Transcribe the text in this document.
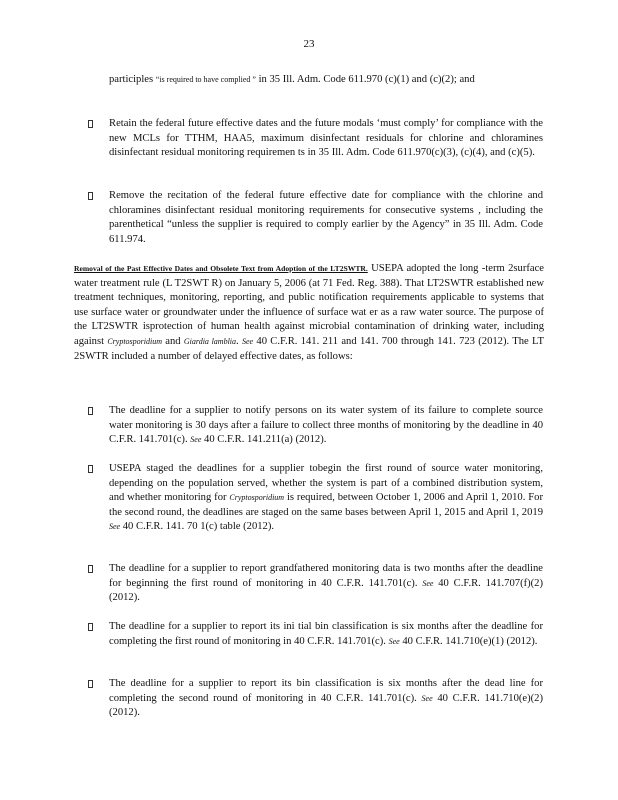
23
participles “is required to have complied ” in 35 Ill. Adm. Code 611.970 (c)(1) and (c)(2); and
Retain the federal future effective dates and the future modals ‘must comply’ for compliance with the new MCLs for TTHM, HAA5, maximum disinfectant residuals for chlorine and chloramines disinfectant residual monitoring requiremen ts in 35 Ill. Adm. Code 611.970(c)(3), (c)(4), and (c)(5).
Remove the recitation of the federal future effective date for compliance with the chlorine and chloramines disinfectant residual monitoring requirements for consecutive systems , including the parenthetical “unless the supplier is required to comply earlier by the Agency” in 35 Ill. Adm. Code 611.974.
Removal of the Past Effective Dates and Obsolete Text from Adoption of the LT2SWTR. USEPA adopted the long -term 2surface water treatment rule (L T2SWT R) on January 5, 2006 (at 71 Fed. Reg. 388). That LT2SWTR established new treatment techniques, monitoring, reporting, and public notification requirements applicable to systems that use surface water or groundwater under the influence of surface wat er as a raw water source. The purpose of the LT2SWTR isprotection of human health against microbial contamination of drinking water, including against Cryptosporidium and Giardia lamblia. See 40 C.F.R. 141. 211 and 141. 700 through 141. 723 (2012). The LT 2SWTR included a number of delayed effective dates, as follows:
The deadline for a supplier to notify persons on its water system of its failure to complete source water monitoring is 30 days after a failure to collect three months of monitoring by the deadline in 40 C.F.R. 141.701(c). See 40 C.F.R. 141.211(a) (2012).
USEPA staged the deadlines for a supplier tobegin the first round of source water monitoring, depending on the population served, whether the system is part of a combined distribution system, and whether monitoring for Cryptosporidium is required, between October 1, 2006 and April 1, 2010. For the second round, the deadlines are staged on the same bases between April 1, 2015 and April 1, 2019 See 40 C.F.R. 141. 70 1(c) table (2012).
The deadline for a supplier to report grandfathered monitoring data is two months after the deadline for beginning the first round of monitoring in 40 C.F.R. 141.701(c). See 40 C.F.R. 141.707(f)(2) (2012).
The deadline for a supplier to report its ini tial bin classification is six months after the deadline for completing the first round of monitoring in 40 C.F.R. 141.701(c). See 40 C.F.R. 141.710(e)(1) (2012).
The deadline for a supplier to report its bin classification is six months after the dead line for completing the second round of monitoring in 40 C.F.R. 141.701(c). See 40 C.F.R. 141.710(e)(2) (2012).
